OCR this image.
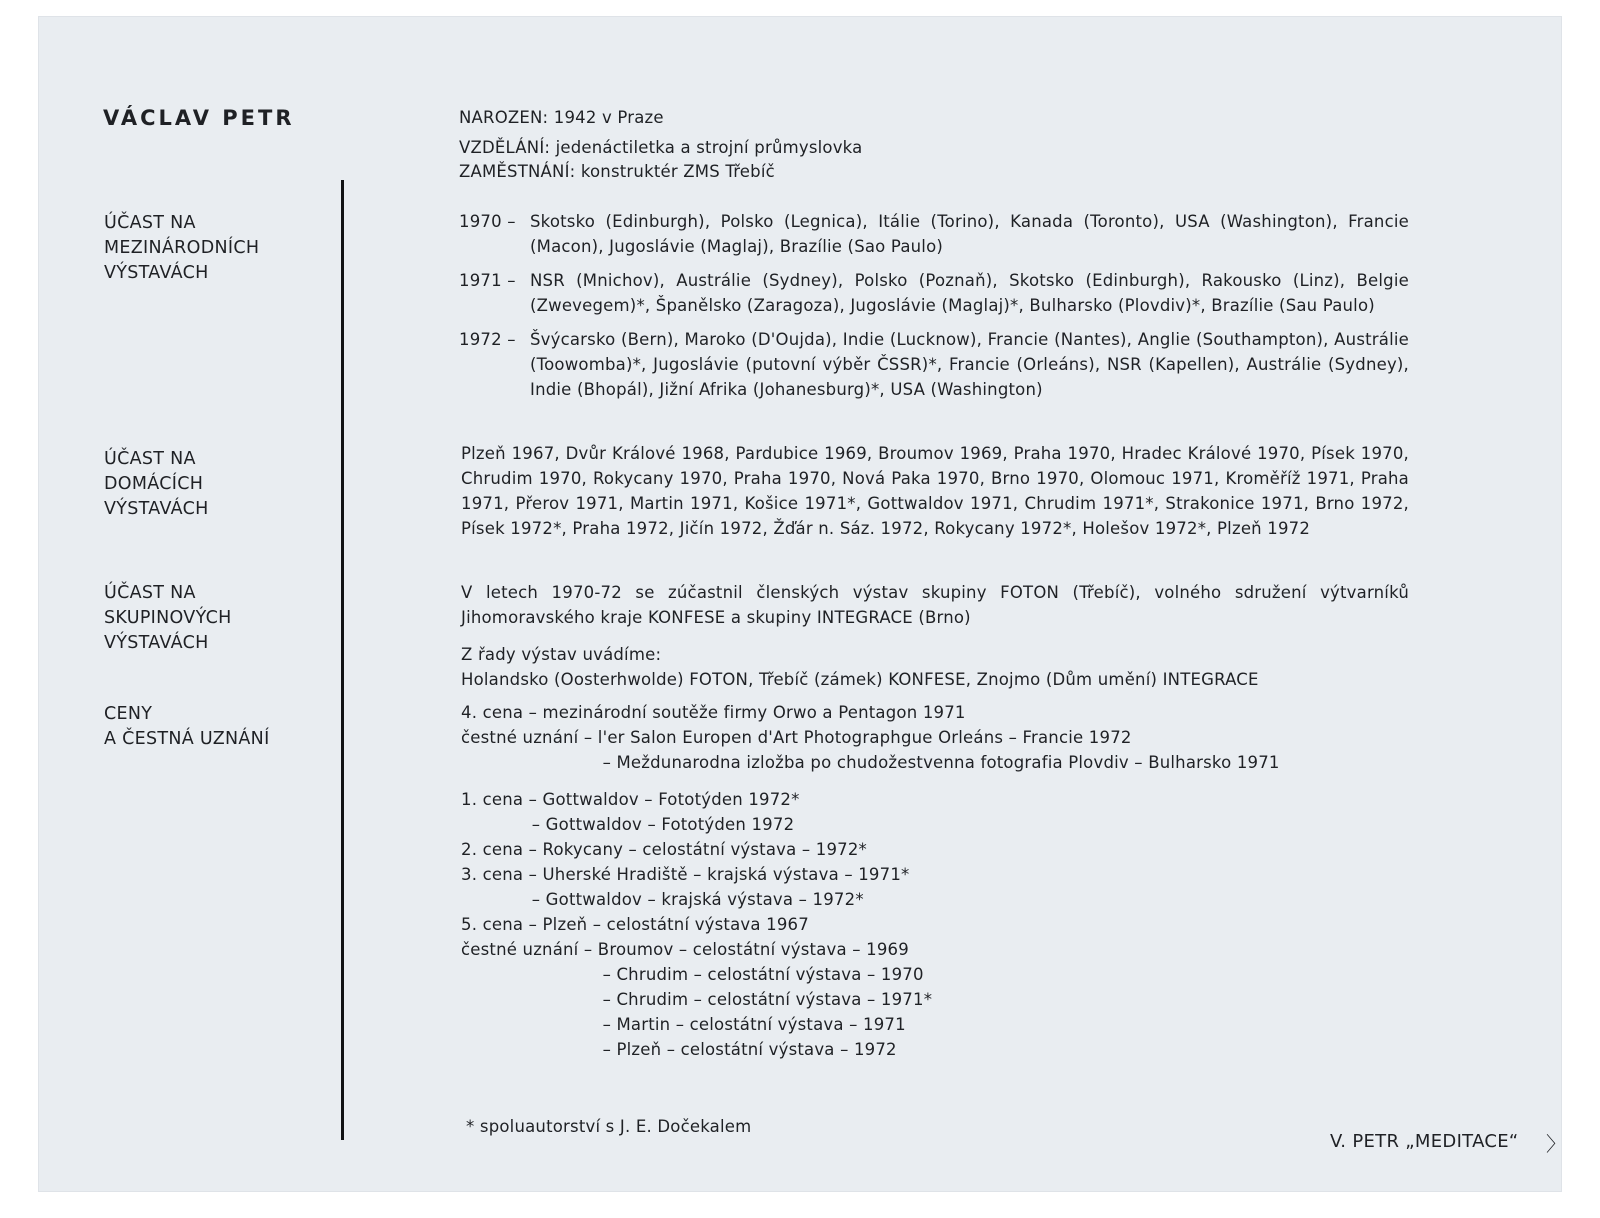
VÁCLAV PETR	NAROZEN: 1942 v Praze
VZDĚLÁNÍ: jedenáctiletka a strojní průmyslovka
ZAMĚSTNÁNÍ: konstruktér ZMS Třebíč
ÚČAST NA
MEZINÁRODNÍCH
VÝSTAVÁCH
ÚČAST NA
DOMÁCÍCH
VÝSTAVÁCH
ÚČAST NA
SKUPINOVÝCH
VÝSTAVÁCH
CENY
A ČESTNÁ UZNÁNÍ
1970 – Skotsko (Edinburgh), Polsko (Legnica), Itálie (Torino), Kanada (Toronto), USA (Washington), Francie (Macon), Jugoslávie (Maglaj), Brazílie (Sao Paulo)
1971 – NSR (Mnichov), Austrálie (Sydney), Polsko (Poznaň), Skotsko (Edinburgh), Rakousko (Linz), Belgie (Zwevegem)*, Španělsko (Zaragoza), Jugoslávie (Maglaj)*, Bulharsko (Plovdiv)*, Brazílie (Sau Paulo)
1972 – Švýcarsko (Bern), Maroko (D'Oujda), Indie (Lucknow), Francie (Nantes), Anglie (Southampton), Austrálie (Toowomba)*, Jugoslávie (putovní výběr ČSSR)*, Francie (Orleáns), NSR (Kapellen), Austrálie (Sydney), Indie (Bhopál), Jižní Afrika (Johanesburg)*, USA (Washington)
Plzeň 1967, Dvůr Králové 1968, Pardubice 1969, Broumov 1969, Praha 1970, Hradec Králové 1970, Písek 1970, Chrudim 1970, Rokycany 1970, Praha 1970, Nová Paka 1970, Brno 1970, Olomouc 1971, Kroměříž 1971, Praha 1971, Přerov 1971, Martin 1971, Košice 1971*, Gottwaldov 1971, Chrudim 1971*, Strakonice 1971, Brno 1972, Písek 1972*, Praha 1972, Jičín 1972, Žďár n. Sáz. 1972, Rokycany 1972*, Holešov 1972*, Plzeň 1972
V letech 1970-72 se zúčastnil členských výstav skupiny FOTON (Třebíč), volného sdružení výtvarníků Jihomoravského kraje KONFESE a skupiny INTEGRACE (Brno)
Z řady výstav uvádíme:
Holandsko (Oosterhwolde) FOTON, Třebíč (zámek) KONFESE, Znojmo (Dům umění) INTEGRACE
4. cena – mezinárodní soutěže firmy Orwo a Pentagon 1971
čestné uznání – l'er Salon Europen d'Art Photographgue Orleáns – Francie 1972
– Meždunarodna izložba po chudožestvenna fotografia Plovdiv – Bulharsko 1971
1. cena – Gottwaldov – Fototýden 1972*
– Gottwaldov – Fototýden 1972
2. cena – Rokycany – celostátní výstava – 1972*
3. cena – Uherské Hradiště – krajská výstava – 1971*
– Gottwaldov – krajská výstava – 1972*
5. cena – Plzeň – celostátní výstava 1967
čestné uznání – Broumov – celostátní výstava – 1969
– Chrudim – celostátní výstava – 1970
– Chrudim – celostátní výstava – 1971*
– Martin – celostátní výstava – 1971
– Plzeň – celostátní výstava – 1972
* spoluautorství s J. E. Dočekalem
V. PETR „MEDITACE“ 〉
